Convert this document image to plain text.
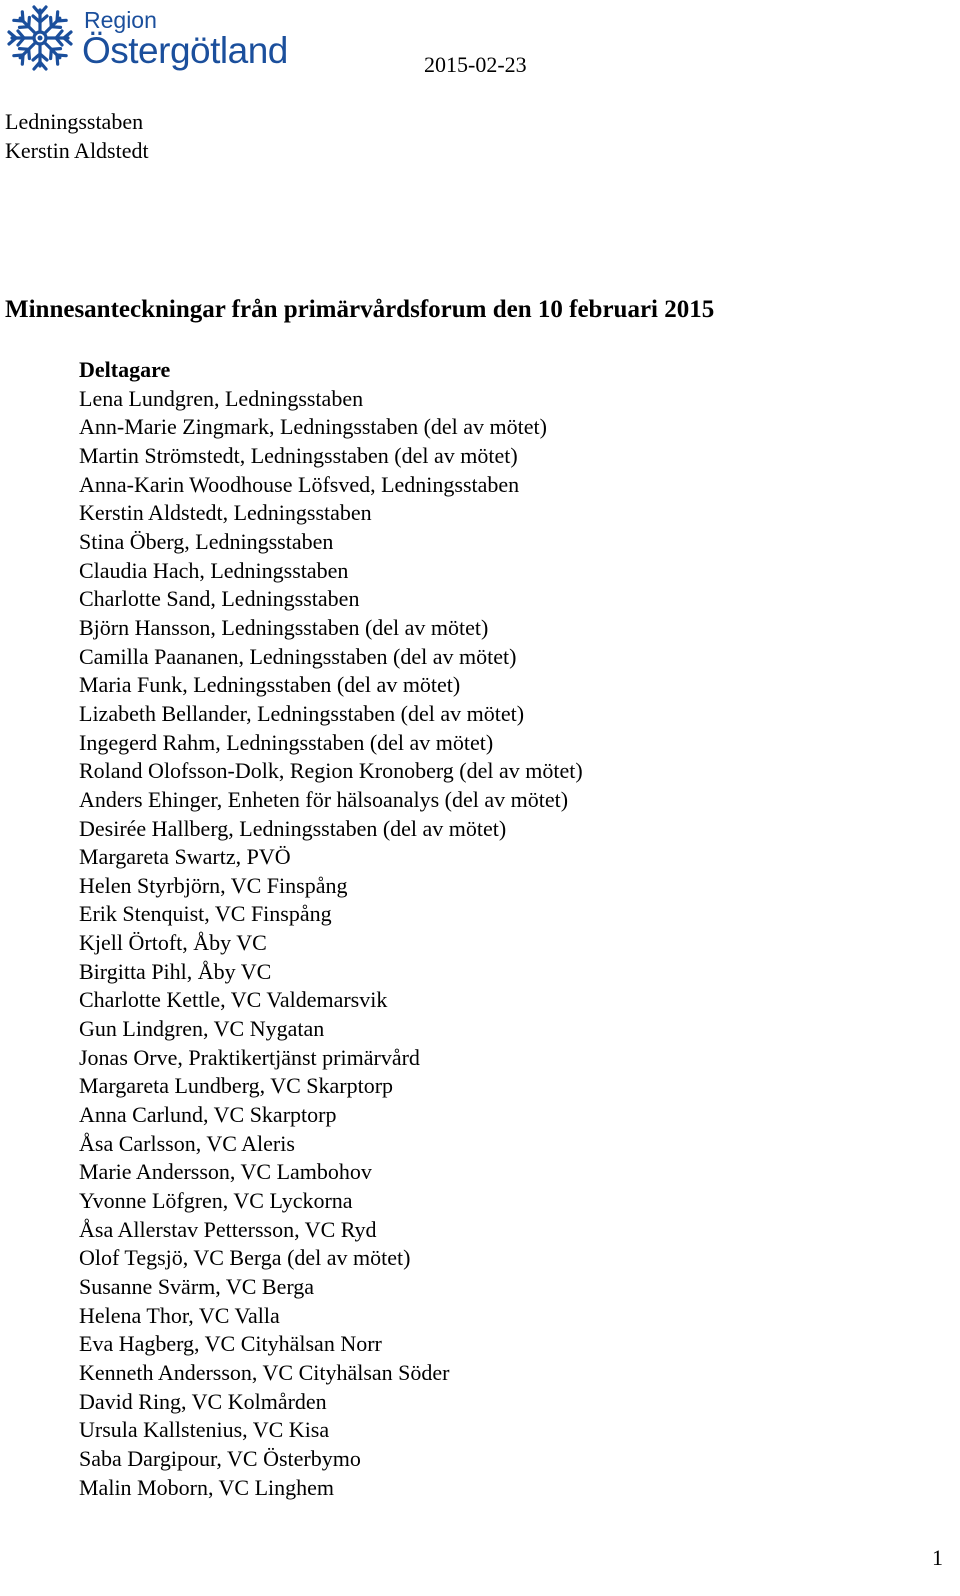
Region
Östergötland	2015-02-23
Ledningsstaben
Kerstin Aldstedt
Minnesanteckningar från primärvårdsforum den 10 februari 2015
Deltagare
Lena Lundgren, Ledningsstaben
Ann-Marie Zingmark, Ledningsstaben (del av mötet)
Martin Strömstedt, Ledningsstaben (del av mötet)
Anna-Karin Woodhouse Löfsved, Ledningsstaben
Kerstin Aldstedt, Ledningsstaben
Stina Öberg, Ledningsstaben
Claudia Hach, Ledningsstaben
Charlotte Sand, Ledningsstaben
Björn Hansson, Ledningsstaben (del av mötet)
Camilla Paananen, Ledningsstaben (del av mötet)
Maria Funk, Ledningsstaben (del av mötet)
Lizabeth Bellander, Ledningsstaben (del av mötet)
Ingegerd Rahm, Ledningsstaben (del av mötet)
Roland Olofsson-Dolk, Region Kronoberg (del av mötet)
Anders Ehinger, Enheten för hälsoanalys (del av mötet)
Desirée Hallberg, Ledningsstaben (del av mötet)
Margareta Swartz, PVÖ
Helen Styrbjörn, VC Finspång
Erik Stenquist, VC Finspång
Kjell Örtoft, Åby VC
Birgitta Pihl, Åby VC
Charlotte Kettle, VC Valdemarsvik
Gun Lindgren, VC Nygatan
Jonas Orve, Praktikertjänst primärvård
Margareta Lundberg, VC Skarptorp
Anna Carlund, VC Skarptorp
Åsa Carlsson, VC Aleris
Marie Andersson, VC Lambohov
Yvonne Löfgren, VC Lyckorna
Åsa Allerstav Pettersson, VC Ryd
Olof Tegsjö, VC Berga (del av mötet)
Susanne Svärm, VC Berga
Helena Thor, VC Valla
Eva Hagberg, VC Cityhälsan Norr
Kenneth Andersson, VC Cityhälsan Söder
David Ring, VC Kolmården
Ursula Kallstenius, VC Kisa
Saba Dargipour, VC Österbymo
Malin Moborn, VC Linghem
1
